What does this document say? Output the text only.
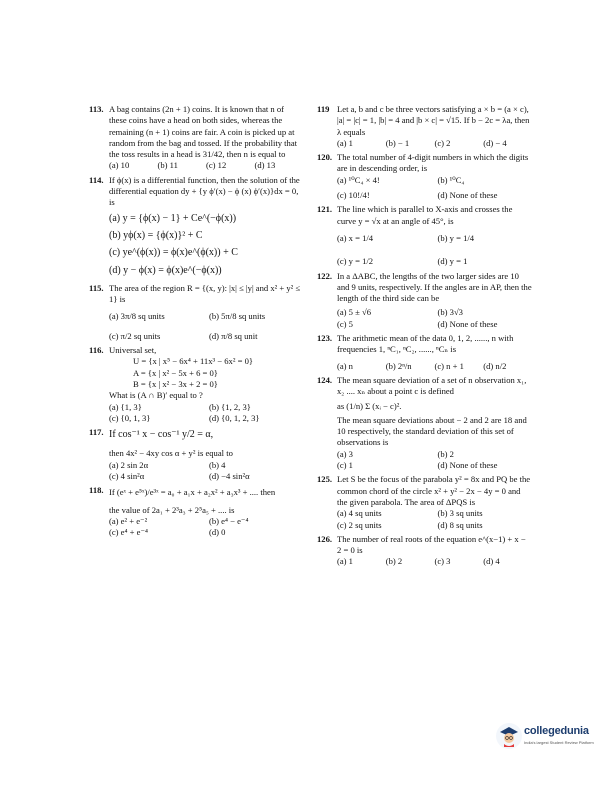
113. A bag contains (2n + 1) coins. It is known that n of these coins have a head on both sides, whereas the remaining (n + 1) coins are fair. A coin is picked up at random from the bag and tossed. If the probability that the toss results in a head is 31/42, then n is equal to

(a) 10	(b) 11	(c) 12	(d) 13
114. If ϕ(x) is a differential function, then the solution of the differential equation dy + {y ϕ′(x) − ϕ (x) ϕ′(x)}dx = 0, is

(a) y = {ϕ(x) − 1} + Ce^(−ϕ(x))

(b) yϕ(x) = {ϕ(x)}² + C

(c) ye^(ϕ(x)) = ϕ(x)e^(ϕ(x)) + C

(d) y − ϕ(x) = ϕ(x)e^(−ϕ(x))

115. The area of the region R = {(x, y): |x| ≤ |y| and x² + y² ≤ 1} is

(a) 3π/8 sq units	(b) 5π/8 sq units
(c) π/2 sq units	(d) π/8 sq unit
116. Universal set,

U = {x | x⁵ − 6x⁴ + 11x³ − 6x² = 0}

A = {x | x² − 5x + 6 = 0}

B = {x | x² − 3x + 2 = 0}

What is (A ∩ B)′ equal to ?

(a) {1, 3}	(b) {1, 2, 3}
(c) {0, 1, 3}	(d) {0, 1, 2, 3}
117. If cos⁻¹ x − cos⁻¹ y/2 = α,

then 4x² − 4xy cos α + y² is equal to

(a) 2 sin 2α	(b) 4
(c) 4 sin²α	(d) −4 sin²α
118. If (eˣ + e⁵ˣ)/e³ˣ = a₀ + a₁x + a₂x² + a₃x³ + .... then

the value of 2a₁ + 2³a₃ + 2⁵a₅ + .... is

(a) e² + e⁻²	(b) e⁴ − e⁻⁴
(c) e⁴ + e⁻⁴	(d) 0
119 Let a, b and c be three vectors satisfying a × b = (a × c), |a| = |c| = 1, |b| = 4 and |b × c| = √15. If b − 2c = λa, then λ equals

(a) 1	(b) − 1	(c) 2	(d) − 4
120. The total number of 4-digit numbers in which the digits are in descending order, is

(a) ¹⁰C₄ × 4!	(b) ¹⁰C₄
(c) 10!/4!	(d) None of these
121. The line which is parallel to X-axis and crosses the curve y = √x at an angle of 45°, is

(a) x = 1/4	(b) y = 1/4
(c) y = 1/2	(d) y = 1
122. In a ΔABC, the lengths of the two larger sides are 10 and 9 units, respectively. If the angles are in AP, then the length of the third side can be

(a) 5 ± √6	(b) 3√3
(c) 5	(d) None of these
123. The arithmetic mean of the data 0, 1, 2, ......, n with frequencies 1, ⁿC₁, ⁿC₂, ......, ⁿCₙ is

(a) n	(b) 2ⁿ/n	(c) n + 1	(d) n/2
124. The mean square deviation of a set of n observation x₁, x₂ .... xₙ about a point c is defined

as (1/n) Σ (xᵢ − c)².

The mean square deviations about − 2 and 2 are 18 and 10 respectively, the standard deviation of this set of observations is

(a) 3	(b) 2
(c) 1	(d) None of these
125. Let S be the focus of the parabola y² = 8x and PQ be the common chord of the circle x² + y² − 2x − 4y = 0 and the given parabola. The area of ΔPQS is

(a) 4 sq units	(b) 3 sq units
(c) 2 sq units	(d) 8 sq units
126. The number of real roots of the equation e^(x−1) + x − 2 = 0 is

(a) 1	(b) 2	(c) 3	(d) 4
collegedunia
India's largest Student Review Platform
